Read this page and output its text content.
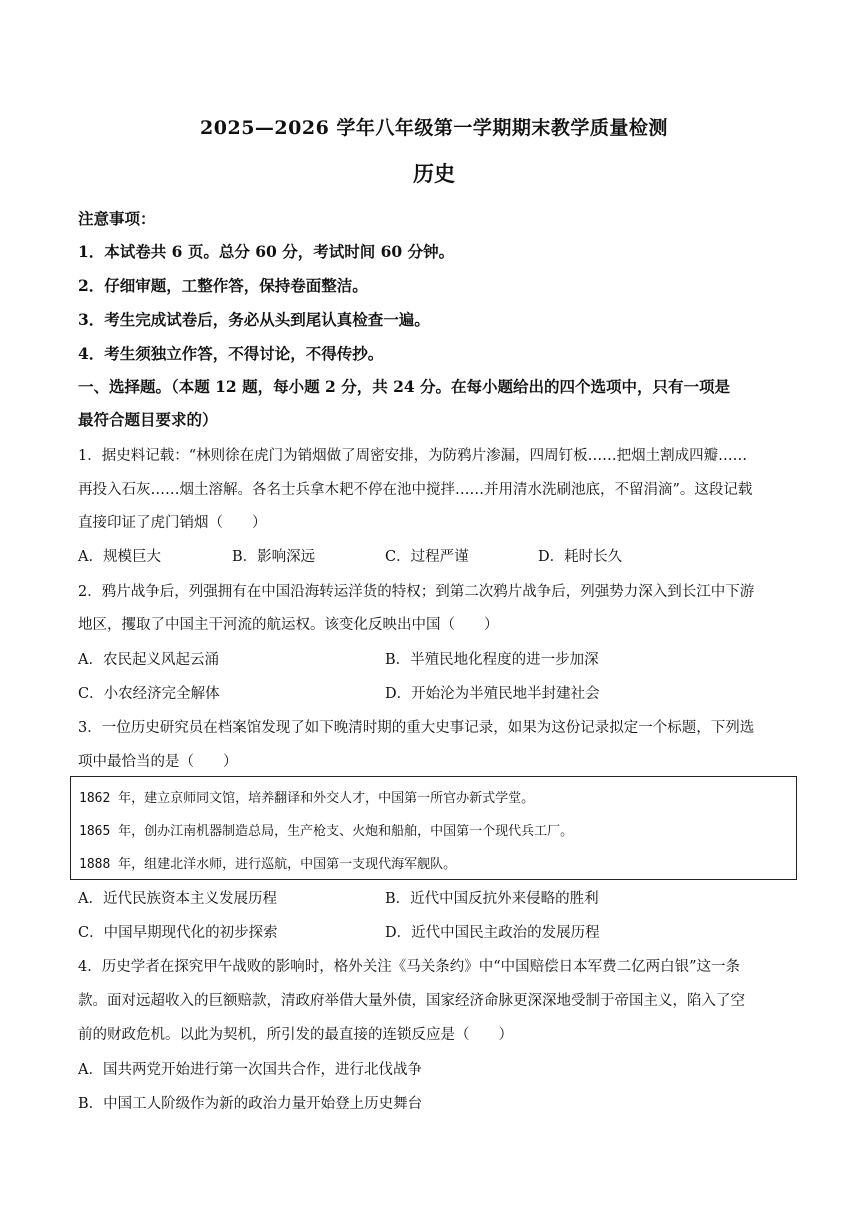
2025—2026 学年八年级第一学期期末教学质量检测
历史
注意事项：
1．本试卷共 6 页。总分 60 分，考试时间 60 分钟。
2．仔细审题，工整作答，保持卷面整洁。
3．考生完成试卷后，务必从头到尾认真检查一遍。
4．考生须独立作答，不得讨论，不得传抄。
一、选择题。（本题 12 题，每小题 2 分，共 24 分。在每小题给出的四个选项中，只有一项是
最符合题目要求的）
1．据史料记载：“林则徐在虎门为销烟做了周密安排，为防鸦片渗漏，四周钉板……把烟土割成四瓣……
再投入石灰……烟土溶解。各名士兵拿木耙不停在池中搅拌……并用清水洗刷池底，不留涓滴”。这段记载
直接印证了虎门销烟（　　）
A．规模巨大	B．影响深远	C．过程严谨	D．耗时长久
2．鸦片战争后，列强拥有在中国沿海转运洋货的特权；到第二次鸦片战争后，列强势力深入到长江中下游
地区，攫取了中国主干河流的航运权。该变化反映出中国（　　）
A．农民起义风起云涌	B．半殖民地化程度的进一步加深
C．小农经济完全解体	D．开始沦为半殖民地半封建社会
3．一位历史研究员在档案馆发现了如下晚清时期的重大史事记录，如果为这份记录拟定一个标题，下列选
项中最恰当的是（　　）
1862 年，建立京师同文馆，培养翻译和外交人才，中国第一所官办新式学堂。
1865 年，创办江南机器制造总局，生产枪支、火炮和船舶，中国第一个现代兵工厂。
1888 年，组建北洋水师，进行巡航，中国第一支现代海军舰队。
A．近代民族资本主义发展历程	B．近代中国反抗外来侵略的胜利
C．中国早期现代化的初步探索	D．近代中国民主政治的发展历程
4．历史学者在探究甲午战败的影响时，格外关注《马关条约》中“中国赔偿日本军费二亿两白银”这一条
款。面对远超收入的巨额赔款，清政府举借大量外债，国家经济命脉更深深地受制于帝国主义，陷入了空
前的财政危机。以此为契机，所引发的最直接的连锁反应是（　　）
A．国共两党开始进行第一次国共合作，进行北伐战争
B．中国工人阶级作为新的政治力量开始登上历史舞台
